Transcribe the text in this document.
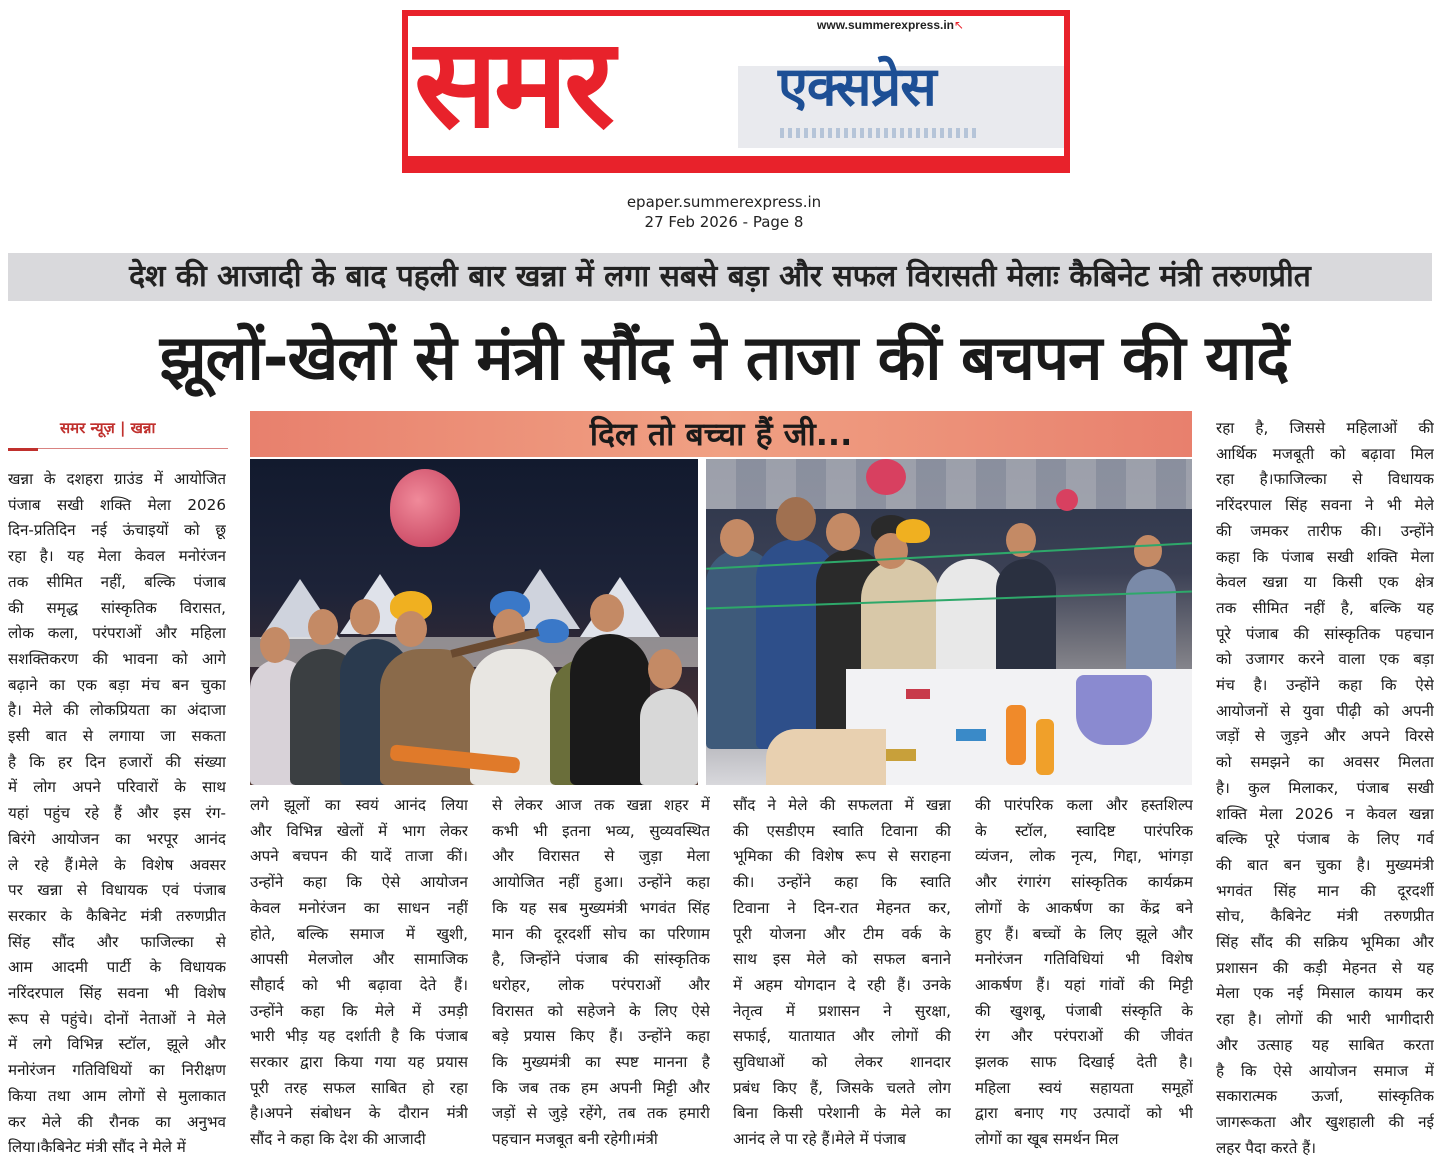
समर	एक्सप्रेस
www.summerexpress.in ↖
epaper.summerexpress.in
27 Feb 2026 - Page 8
देश की आजादी के बाद पहली बार खन्ना में लगा सबसे बड़ा और सफल विरासती मेलाः कैबिनेट मंत्री तरुणप्रीत
झूलों-खेलों से मंत्री सौंद ने ताजा कीं बचपन की यादें
समर न्यूज़ | खन्ना	दिल तो बच्चा हैं जी...
खन्ना के दशहरा ग्राउंड में आयोजित
पंजाब सखी शक्ति मेला 2026
दिन-प्रतिदिन नई ऊंचाइयों को छू
रहा है। यह मेला केवल मनोरंजन
तक सीमित नहीं, बल्कि पंजाब
की समृद्ध सांस्कृतिक विरासत,
लोक कला, परंपराओं और महिला
सशक्तिकरण की भावना को आगे
बढ़ाने का एक बड़ा मंच बन चुका
है। मेले की लोकप्रियता का अंदाजा
इसी बात से लगाया जा सकता
है कि हर दिन हजारों की संख्या
में लोग अपने परिवारों के साथ
यहां पहुंच रहे हैं और इस रंग-
बिरंगे आयोजन का भरपूर आनंद
ले रहे हैं।मेले के विशेष अवसर
पर खन्ना से विधायक एवं पंजाब
सरकार के कैबिनेट मंत्री तरुणप्रीत
सिंह सौंद और फाजिल्का से
आम आदमी पार्टी के विधायक
नरिंदरपाल सिंह सवना भी विशेष
रूप से पहुंचे। दोनों नेताओं ने मेले
में लगे विभिन्न स्टॉल, झूले और
मनोरंजन गतिविधियों का निरीक्षण
किया तथा आम लोगों से मुलाकात
कर मेले की रौनक का अनुभव
लिया।कैबिनेट मंत्री सौंद ने मेले में
लगे झूलों का स्वयं आनंद लिया
और विभिन्न खेलों में भाग लेकर
अपने बचपन की यादें ताजा कीं।
उन्होंने कहा कि ऐसे आयोजन
केवल मनोरंजन का साधन नहीं
होते, बल्कि समाज में खुशी,
आपसी मेलजोल और सामाजिक
सौहार्द को भी बढ़ावा देते हैं।
उन्होंने कहा कि मेले में उमड़ी
भारी भीड़ यह दर्शाती है कि पंजाब
सरकार द्वारा किया गया यह प्रयास
पूरी तरह सफल साबित हो रहा
है।अपने संबोधन के दौरान मंत्री
सौंद ने कहा कि देश की आजादी
से लेकर आज तक खन्ना शहर में
कभी भी इतना भव्य, सुव्यवस्थित
और विरासत से जुड़ा मेला
आयोजित नहीं हुआ। उन्होंने कहा
कि यह सब मुख्यमंत्री भगवंत सिंह
मान की दूरदर्शी सोच का परिणाम
है, जिन्होंने पंजाब की सांस्कृतिक
धरोहर, लोक परंपराओं और
विरासत को सहेजने के लिए ऐसे
बड़े प्रयास किए हैं। उन्होंने कहा
कि मुख्यमंत्री का स्पष्ट मानना है
कि जब तक हम अपनी मिट्टी और
जड़ों से जुड़े रहेंगे, तब तक हमारी
पहचान मजबूत बनी रहेगी।मंत्री
सौंद ने मेले की सफलता में खन्ना
की एसडीएम स्वाति टिवाना की
भूमिका की विशेष रूप से सराहना
की। उन्होंने कहा कि स्वाति
टिवाना ने दिन-रात मेहनत कर,
पूरी योजना और टीम वर्क के
साथ इस मेले को सफल बनाने
में अहम योगदान दे रही हैं। उनके
नेतृत्व में प्रशासन ने सुरक्षा,
सफाई, यातायात और लोगों की
सुविधाओं को लेकर शानदार
प्रबंध किए हैं, जिसके चलते लोग
बिना किसी परेशानी के मेले का
आनंद ले पा रहे हैं।मेले में पंजाब
की पारंपरिक कला और हस्तशिल्प
के स्टॉल, स्वादिष्ट पारंपरिक
व्यंजन, लोक नृत्य, गिद्दा, भांगड़ा
और रंगारंग सांस्कृतिक कार्यक्रम
लोगों के आकर्षण का केंद्र बने
हुए हैं। बच्चों के लिए झूले और
मनोरंजन गतिविधियां भी विशेष
आकर्षण हैं। यहां गांवों की मिट्टी
की खुशबू, पंजाबी संस्कृति के
रंग और परंपराओं की जीवंत
झलक साफ दिखाई देती है।
महिला स्वयं सहायता समूहों
द्वारा बनाए गए उत्पादों को भी
लोगों का खूब समर्थन मिल
रहा है, जिससे महिलाओं की
आर्थिक मजबूती को बढ़ावा मिल
रहा है।फाजिल्का से विधायक
नरिंदरपाल सिंह सवना ने भी मेले
की जमकर तारीफ की। उन्होंने
कहा कि पंजाब सखी शक्ति मेला
केवल खन्ना या किसी एक क्षेत्र
तक सीमित नहीं है, बल्कि यह
पूरे पंजाब की सांस्कृतिक पहचान
को उजागर करने वाला एक बड़ा
मंच है। उन्होंने कहा कि ऐसे
आयोजनों से युवा पीढ़ी को अपनी
जड़ों से जुड़ने और अपने विरसे
को समझने का अवसर मिलता
है। कुल मिलाकर, पंजाब सखी
शक्ति मेला 2026 न केवल खन्ना
बल्कि पूरे पंजाब के लिए गर्व
की बात बन चुका है। मुख्यमंत्री
भगवंत सिंह मान की दूरदर्शी
सोच, कैबिनेट मंत्री तरुणप्रीत
सिंह सौंद की सक्रिय भूमिका और
प्रशासन की कड़ी मेहनत से यह
मेला एक नई मिसाल कायम कर
रहा है। लोगों की भारी भागीदारी
और उत्साह यह साबित करता
है कि ऐसे आयोजन समाज में
सकारात्मक ऊर्जा, सांस्कृतिक
जागरूकता और खुशहाली की नई
लहर पैदा करते हैं।
